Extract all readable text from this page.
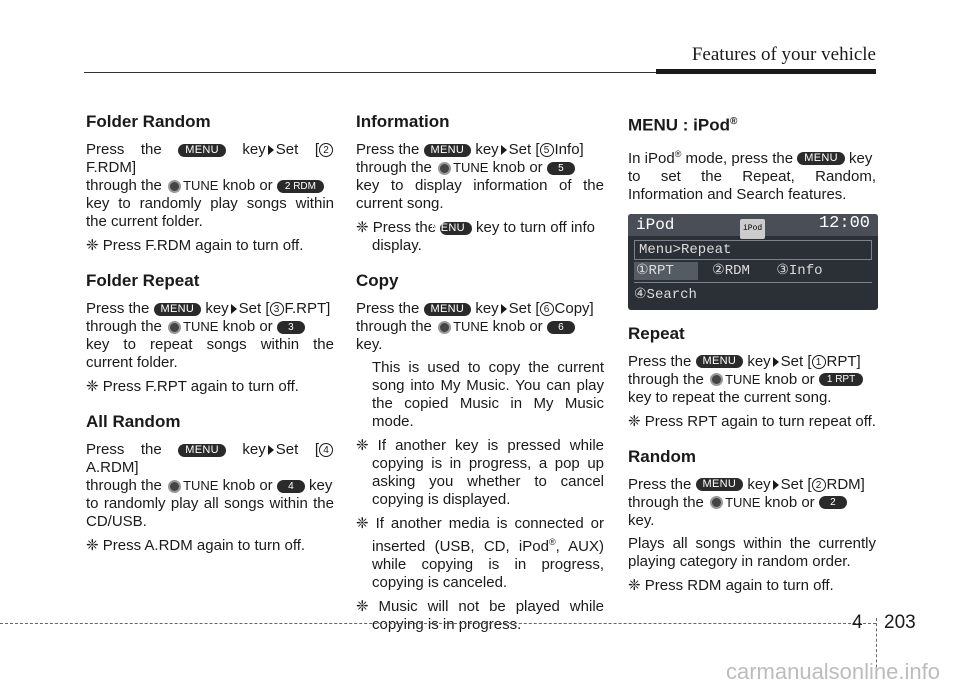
Features of your vehicle
Folder Random

Press the MENU key Set [ 2F.RDM]
through the TUNE knob or 2 RDM
key to randomly play songs within the current folder.

❈ Press F.RDM again to turn off.

Folder Repeat

Press the MENU key Set [ 3 F.RPT]
through the TUNE knob or 3
key to repeat songs within the current folder.

❈ Press F.RPT again to turn off.

All Random

Press the MENU key Set [ 4A.RDM]
through the TUNE knob or 4 key
to randomly play all songs within the CD/USB.

❈ Press A.RDM again to turn off.

Information

Press the MENU key Set [ 5 Info]
through the TUNE knob or 5
key to display information of the current song.

❈ Press the MENU key to turn off info display.

Copy

Press the MENU key Set [ 6 Copy]
through the TUNE knob or 6
key.

This is used to copy the current song into My Music. You can play the copied Music in My Music mode.

❈ If another key is pressed while copying is in progress, a pop up asking you whether to cancel copying is displayed.

❈ If another media is connected or inserted (USB, CD, iPod®, AUX) while copying is in progress, copying is canceled.

❈ Music will not be played while copying is in progress.

MENU : iPod®

In iPod® mode, press the MENU key
to set the Repeat, Random, Information and Search features.

iPod	iPod	12:00
Menu>Repeat
①RPT	②RDM ③Info
④Search
Repeat

Press the MENU key Set [ 1 RPT]
through the TUNE knob or 1 RPT
key to repeat the current song.

❈ Press RPT again to turn repeat off.

Random

Press the MENU key Set [ 2 RDM]
through the TUNE knob or 2
key.

Plays all songs within the currently playing category in random order.

❈ Press RDM again to turn off.

4 203
carmanualsonline.info
